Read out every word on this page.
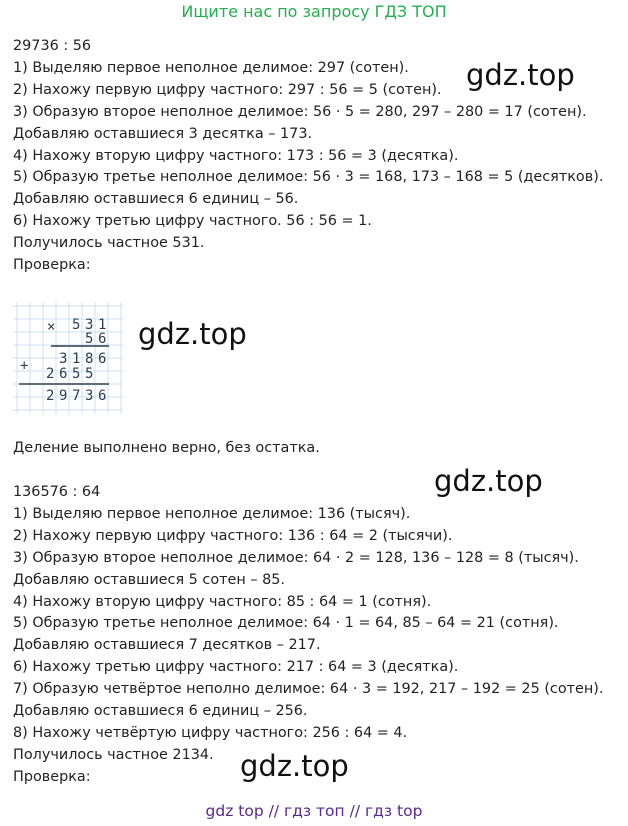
Ищите нас по запросу ГДЗ ТОП
29736 : 56
1) Выделяю первое неполное делимое: 297 (сотен).
2) Нахожу первую цифру частного: 297 : 56 = 5 (сотен).
3) Образую второе неполное делимое: 56 · 5 = 280, 297 – 280 = 17 (сотен).
Добавляю оставшиеся 3 десятка – 173.
4) Нахожу вторую цифру частного: 173 : 56 = 3 (десятка).
5) Образую третье неполное делимое: 56 · 3 = 168, 173 – 168 = 5 (десятков).
Добавляю оставшиеся 6 единиц – 56.
6) Нахожу третью цифру частного. 56 : 56 = 1.
Получилось частное 531.
Проверка:
gdz.top
×
+
5 3 1
5 6
3 1 8 6
2 6 5 5
2 9 7 3 6
gdz.top
Деление выполнено верно, без остатка.
gdz.top
136576 : 64
1) Выделяю первое неполное делимое: 136 (тысяч).
2) Нахожу первую цифру частного: 136 : 64 = 2 (тысячи).
3) Образую второе неполное делимое: 64 · 2 = 128, 136 – 128 = 8 (тысяч).
Добавляю оставшиеся 5 сотен – 85.
4) Нахожу вторую цифру частного: 85 : 64 = 1 (сотня).
5) Образую третье неполное делимое: 64 · 1 = 64, 85 – 64 = 21 (сотня).
Добавляю оставшиеся 7 десятков – 217.
6) Нахожу третью цифру частного: 217 : 64 = 3 (десятка).
7) Образую четвёртое неполно делимое: 64 · 3 = 192, 217 – 192 = 25 (сотен).
Добавляю оставшиеся 6 единиц – 256.
8) Нахожу четвёртую цифру частного: 256 : 64 = 4.
Получилось частное 2134.
Проверка:	gdz.top
gdz top // гдз топ // гдз top
